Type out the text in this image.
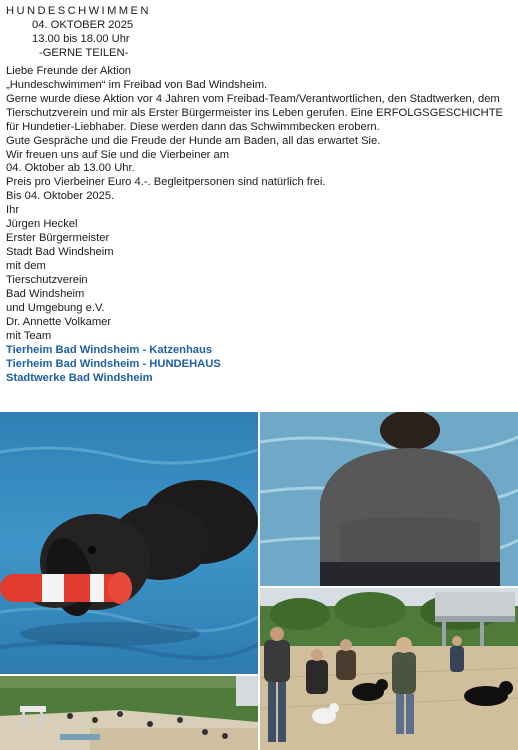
HUNDESCHWIMMEN
04. OKTOBER 2025
13.00 bis 18.00 Uhr
-GERNE TEILEN-
Liebe Freunde der Aktion
„Hundeschwimmen“ im Freibad von Bad Windsheim.
Gerne wurde diese Aktion vor 4 Jahren vom Freibad-Team/Verantwortlichen, den Stadtwerken, dem Tierschutzverein und mir als Erster Bürgermeister ins Leben gerufen. Eine ERFOLGSGESCHICHTE für Hundetier-Liebhaber. Diese werden dann das Schwimmbecken erobern.
Gute Gespräche und die Freude der Hunde am Baden, all das erwartet Sie.
Wir freuen uns auf Sie und die Vierbeiner am
04. Oktober ab 13.00 Uhr.
Preis pro Vierbeiner Euro 4.-. Begleitpersonen sind natürlich frei.
Bis 04. Oktober 2025.
Ihr
Jürgen Heckel
Erster Bürgermeister
Stadt Bad Windsheim
mit dem
Tierschutzverein
Bad Windsheim
und Umgebung e.V.
Dr. Annette Volkamer
mit Team
Tierheim Bad Windsheim - Katzenhaus
Tierheim Bad Windsheim - HUNDEHAUS
Stadtwerke Bad Windsheim
